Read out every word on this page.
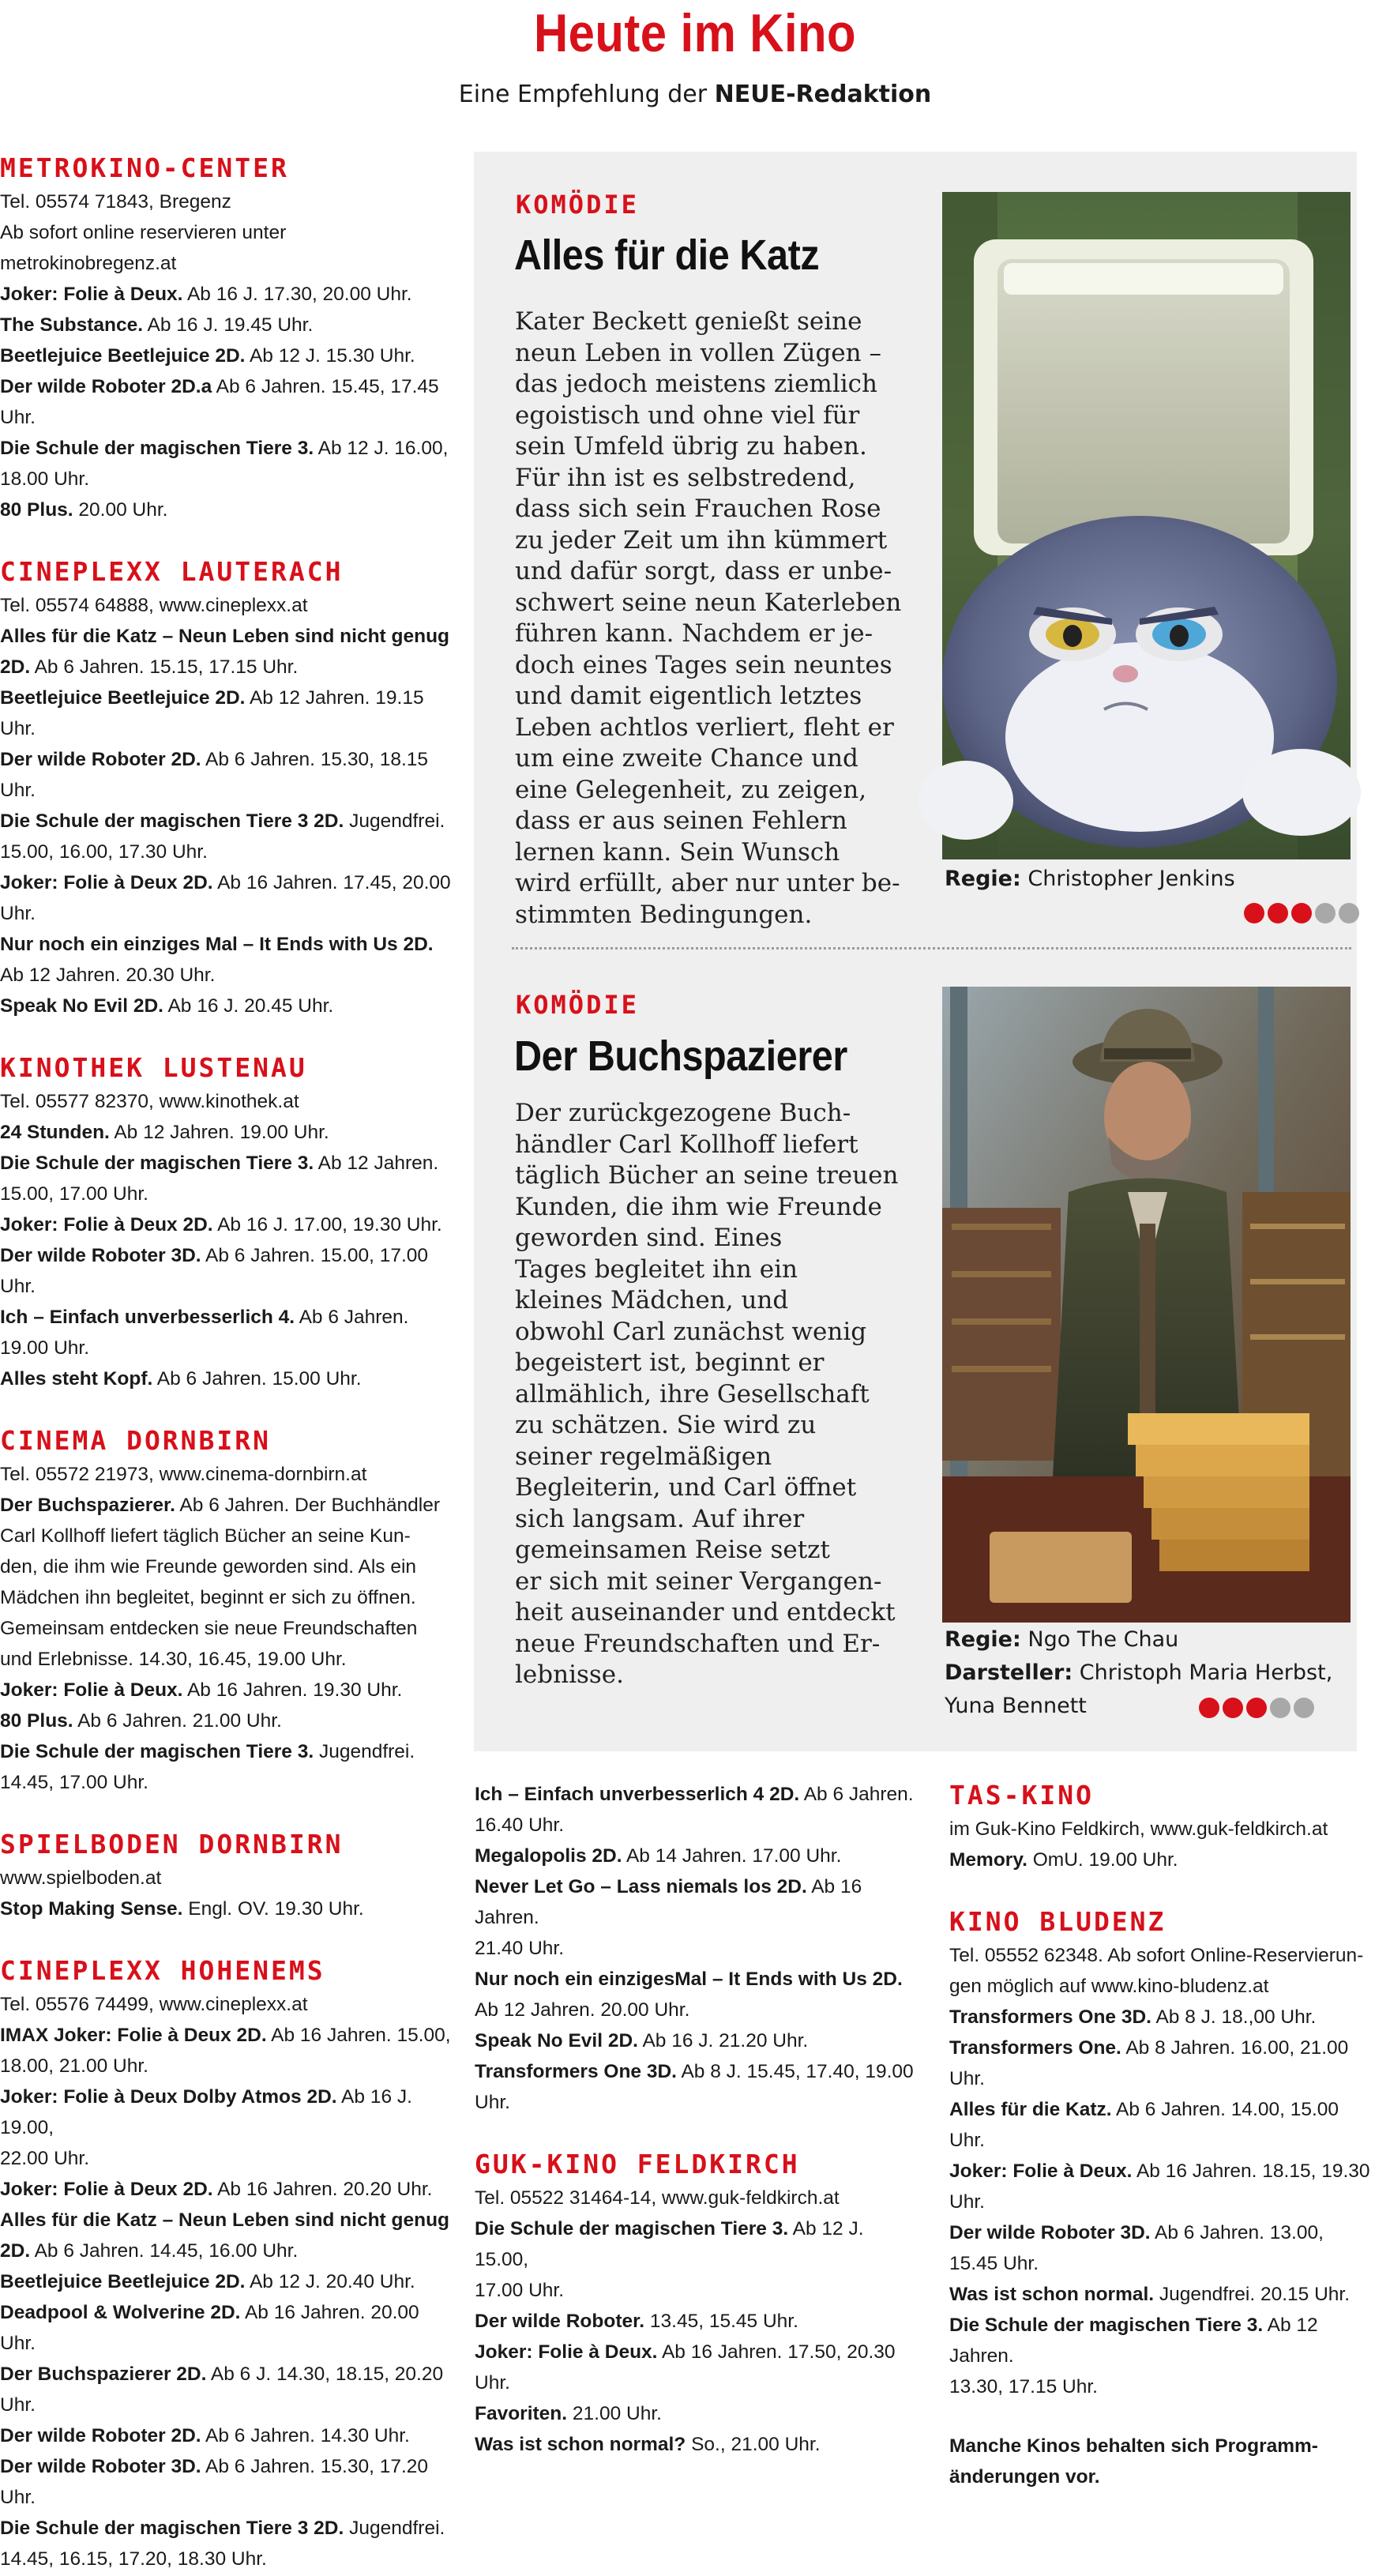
Heute im Kino
Eine Empfehlung der NEUE-Redaktion
METROKINO-CENTER
Tel. 05574 71843, Bregenz
Ab sofort online reservieren unter
metrokinobregenz.at
Joker: Folie à Deux. Ab 16 J. 17.30, 20.00 Uhr.
The Substance. Ab 16 J. 19.45 Uhr.
Beetlejuice Beetlejuice 2D. Ab 12 J. 15.30 Uhr.
Der wilde Roboter 2D.a Ab 6 Jahren. 15.45, 17.45 Uhr.
Die Schule der magischen Tiere 3. Ab 12 J. 16.00,
18.00 Uhr.
80 Plus. 20.00 Uhr.
CINEPLEXX LAUTERACH
Tel. 05574 64888, www.cineplexx.at
Alles für die Katz – Neun Leben sind nicht genug
2D. Ab 6 Jahren. 15.15, 17.15 Uhr.
Beetlejuice Beetlejuice 2D. Ab 12 Jahren. 19.15 Uhr.
Der wilde Roboter 2D. Ab 6 Jahren. 15.30, 18.15 Uhr.
Die Schule der magischen Tiere 3 2D. Jugendfrei.
15.00, 16.00, 17.30 Uhr.
Joker: Folie à Deux 2D. Ab 16 Jahren. 17.45, 20.00
Uhr.
Nur noch ein einziges Mal – It Ends with Us 2D.
Ab 12 Jahren. 20.30 Uhr.
Speak No Evil 2D. Ab 16 J. 20.45 Uhr.
KINOTHEK LUSTENAU
Tel. 05577 82370, www.kinothek.at
24 Stunden. Ab 12 Jahren. 19.00 Uhr.
Die Schule der magischen Tiere 3. Ab 12 Jahren.
15.00, 17.00 Uhr.
Joker: Folie à Deux 2D. Ab 16 J. 17.00, 19.30 Uhr.
Der wilde Roboter 3D. Ab 6 Jahren. 15.00, 17.00 Uhr.
Ich – Einfach unverbesserlich 4. Ab 6 Jahren.
19.00 Uhr.
Alles steht Kopf. Ab 6 Jahren. 15.00 Uhr.
CINEMA DORNBIRN
Tel. 05572 21973, www.cinema-dornbirn.at
Der Buchspazierer. Ab 6 Jahren. Der Buchhändler
Carl Kollhoff liefert täglich Bücher an seine Kun-
den, die ihm wie Freunde geworden sind. Als ein
Mädchen ihn begleitet, beginnt er sich zu öffnen.
Gemeinsam entdecken sie neue Freundschaften
und Erlebnisse. 14.30, 16.45, 19.00 Uhr.
Joker: Folie à Deux. Ab 16 Jahren. 19.30 Uhr.
80 Plus. Ab 6 Jahren. 21.00 Uhr.
Die Schule der magischen Tiere 3. Jugendfrei.
14.45, 17.00 Uhr.
SPIELBODEN DORNBIRN
www.spielboden.at
Stop Making Sense. Engl. OV. 19.30 Uhr.
CINEPLEXX HOHENEMS
Tel. 05576 74499, www.cineplexx.at
IMAX Joker: Folie à Deux 2D. Ab 16 Jahren. 15.00,
18.00, 21.00 Uhr.
Joker: Folie à Deux Dolby Atmos 2D. Ab 16 J. 19.00,
22.00 Uhr.
Joker: Folie à Deux 2D. Ab 16 Jahren. 20.20 Uhr.
Alles für die Katz – Neun Leben sind nicht genug
2D. Ab 6 Jahren. 14.45, 16.00 Uhr.
Beetlejuice Beetlejuice 2D. Ab 12 J. 20.40 Uhr.
Deadpool & Wolverine 2D. Ab 16 Jahren. 20.00 Uhr.
Der Buchspazierer 2D. Ab 6 J. 14.30, 18.15, 20.20 Uhr.
Der wilde Roboter 2D. Ab 6 Jahren. 14.30 Uhr.
Der wilde Roboter 3D. Ab 6 Jahren. 15.30, 17.20 Uhr.
Die Schule der magischen Tiere 3 2D. Jugendfrei.
14.45, 16.15, 17.20, 18.30 Uhr.
KOMÖDIE
Alles für die Katz
Kater Beckett genießt seine
neun Leben in vollen Zügen –
das jedoch meistens ziemlich
egoistisch und ohne viel für
sein Umfeld übrig zu haben.
Für ihn ist es selbstredend,
dass sich sein Frauchen Rose
zu jeder Zeit um ihn kümmert
und dafür sorgt, dass er unbe-
schwert seine neun Katerleben
führen kann. Nachdem er je-
doch eines Tages sein neuntes
und damit eigentlich letztes
Leben achtlos verliert, fleht er
um eine zweite Chance und
eine Gelegenheit, zu zeigen,
dass er aus seinen Fehlern
lernen kann. Sein Wunsch
wird erfüllt, aber nur unter be-
stimmten Bedingungen.
Regie: Christopher Jenkins
KOMÖDIE
Der Buchspazierer
Der zurückgezogene Buch-
händler Carl Kollhoff liefert
täglich Bücher an seine treuen
Kunden, die ihm wie Freunde
geworden sind. Eines
Tages begleitet ihn ein
kleines Mädchen, und
obwohl Carl zunächst wenig
begeistert ist, beginnt er
allmählich, ihre Gesellschaft
zu schätzen. Sie wird zu
seiner regelmäßigen
Begleiterin, und Carl öffnet
sich langsam. Auf ihrer
gemeinsamen Reise setzt
er sich mit seiner Vergangen-
heit auseinander und entdeckt
neue Freundschaften und Er-
lebnisse.
Regie: Ngo The Chau
Darsteller: Christoph Maria Herbst,
Yuna Bennett
Ich – Einfach unverbesserlich 4 2D. Ab 6 Jahren.
16.40 Uhr.
Megalopolis 2D. Ab 14 Jahren. 17.00 Uhr.
Never Let Go – Lass niemals los 2D. Ab 16 Jahren.
21.40 Uhr.
Nur noch ein einzigesMal – It Ends with Us 2D.
Ab 12 Jahren. 20.00 Uhr.
Speak No Evil 2D. Ab 16 J. 21.20 Uhr.
Transformers One 3D. Ab 8 J. 15.45, 17.40, 19.00 Uhr.
GUK-KINO FELDKIRCH
Tel. 05522 31464-14, www.guk-feldkirch.at
Die Schule der magischen Tiere 3. Ab 12 J. 15.00,
17.00 Uhr.
Der wilde Roboter. 13.45, 15.45 Uhr.
Joker: Folie à Deux. Ab 16 Jahren. 17.50, 20.30 Uhr.
Favoriten. 21.00 Uhr.
Was ist schon normal? So., 21.00 Uhr.
TAS-KINO
im Guk-Kino Feldkirch, www.guk-feldkirch.at
Memory. OmU. 19.00 Uhr.
KINO BLUDENZ
Tel. 05552 62348. Ab sofort Online-Reservierun-
gen möglich auf www.kino-bludenz.at
Transformers One 3D. Ab 8 J. 18.,00 Uhr.
Transformers One. Ab 8 Jahren. 16.00, 21.00 Uhr.
Alles für die Katz. Ab 6 Jahren. 14.00, 15.00 Uhr.
Joker: Folie à Deux. Ab 16 Jahren. 18.15, 19.30 Uhr.
Der wilde Roboter 3D. Ab 6 Jahren. 13.00, 15.45 Uhr.
Was ist schon normal. Jugendfrei. 20.15 Uhr.
Die Schule der magischen Tiere 3. Ab 12 Jahren.
13.30, 17.15 Uhr.
Manche Kinos behalten sich Programm-
änderungen vor.
